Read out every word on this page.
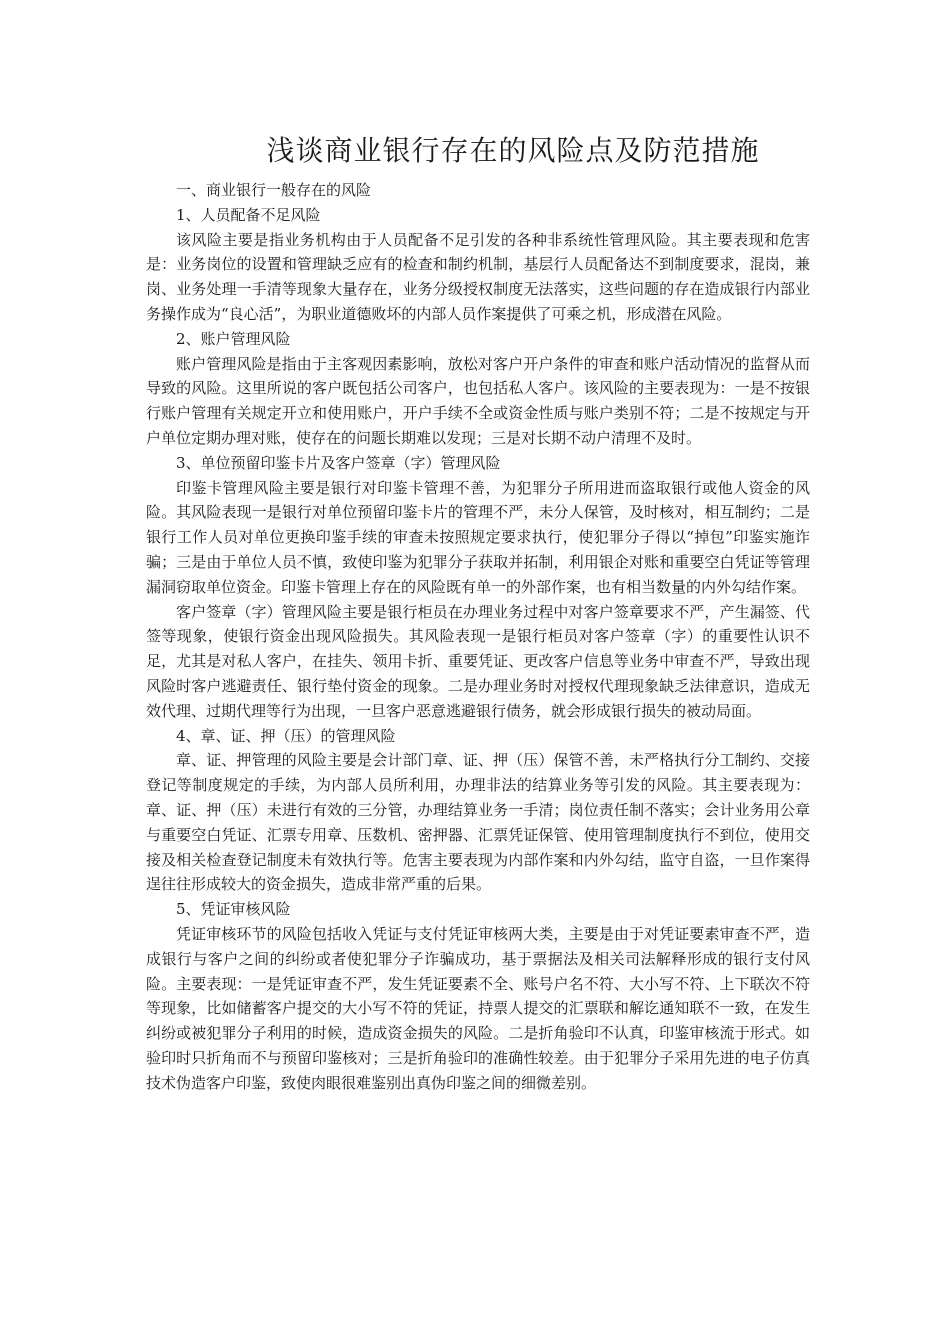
浅谈商业银行存在的风险点及防范措施

一、商业银行一般存在的风险

1、人员配备不足风险

该风险主要是指业务机构由于人员配备不足引发的各种非系统性管理风险。其主要表现和危害是：业务岗位的设置和管理缺乏应有的检查和制约机制，基层行人员配备达不到制度要求，混岗，兼岗、业务处理一手清等现象大量存在，业务分级授权制度无法落实，这些问题的存在造成银行内部业务操作成为“良心活”，为职业道德败坏的内部人员作案提供了可乘之机，形成潜在风险。

2、账户管理风险

账户管理风险是指由于主客观因素影响，放松对客户开户条件的审查和账户活动情况的监督从而导致的风险。这里所说的客户既包括公司客户，也包括私人客户。该风险的主要表现为：一是不按银行账户管理有关规定开立和使用账户，开户手续不全或资金性质与账户类别不符；二是不按规定与开户单位定期办理对账，使存在的问题长期难以发现；三是对长期不动户清理不及时。

3、单位预留印鉴卡片及客户签章（字）管理风险

印鉴卡管理风险主要是银行对印鉴卡管理不善，为犯罪分子所用进而盗取银行或他人资金的风险。其风险表现一是银行对单位预留印鉴卡片的管理不严，未分人保管，及时核对，相互制约；二是银行工作人员对单位更换印鉴手续的审查未按照规定要求执行，使犯罪分子得以“掉包”印鉴实施诈骗；三是由于单位人员不慎，致使印鉴为犯罪分子获取并拓制，利用银企对账和重要空白凭证等管理漏洞窃取单位资金。印鉴卡管理上存在的风险既有单一的外部作案，也有相当数量的内外勾结作案。

客户签章（字）管理风险主要是银行柜员在办理业务过程中对客户签章要求不严，产生漏签、代签等现象，使银行资金出现风险损失。其风险表现一是银行柜员对客户签章（字）的重要性认识不足，尤其是对私人客户，在挂失、领用卡折、重要凭证、更改客户信息等业务中审查不严，导致出现风险时客户逃避责任、银行垫付资金的现象。二是办理业务时对授权代理现象缺乏法律意识，造成无效代理、过期代理等行为出现，一旦客户恶意逃避银行债务，就会形成银行损失的被动局面。

4、章、证、押（压）的管理风险

章、证、押管理的风险主要是会计部门章、证、押（压）保管不善，未严格执行分工制约、交接登记等制度规定的手续，为内部人员所利用，办理非法的结算业务等引发的风险。其主要表现为：章、证、押（压）未进行有效的三分管，办理结算业务一手清；岗位责任制不落实；会计业务用公章与重要空白凭证、汇票专用章、压数机、密押器、汇票凭证保管、使用管理制度执行不到位，使用交接及相关检查登记制度未有效执行等。危害主要表现为内部作案和内外勾结，监守自盗，一旦作案得逞往往形成较大的资金损失，造成非常严重的后果。

5、凭证审核风险

凭证审核环节的风险包括收入凭证与支付凭证审核两大类，主要是由于对凭证要素审查不严，造成银行与客户之间的纠纷或者使犯罪分子诈骗成功，基于票据法及相关司法解释形成的银行支付风险。主要表现：一是凭证审查不严，发生凭证要素不全、账号户名不符、大小写不符、上下联次不符等现象，比如储蓄客户提交的大小写不符的凭证，持票人提交的汇票联和解讫通知联不一致，在发生纠纷或被犯罪分子利用的时候，造成资金损失的风险。二是折角验印不认真，印鉴审核流于形式。如验印时只折角而不与预留印鉴核对；三是折角验印的准确性较差。由于犯罪分子采用先进的电子仿真技术伪造客户印鉴，致使肉眼很难鉴别出真伪印鉴之间的细微差别。
